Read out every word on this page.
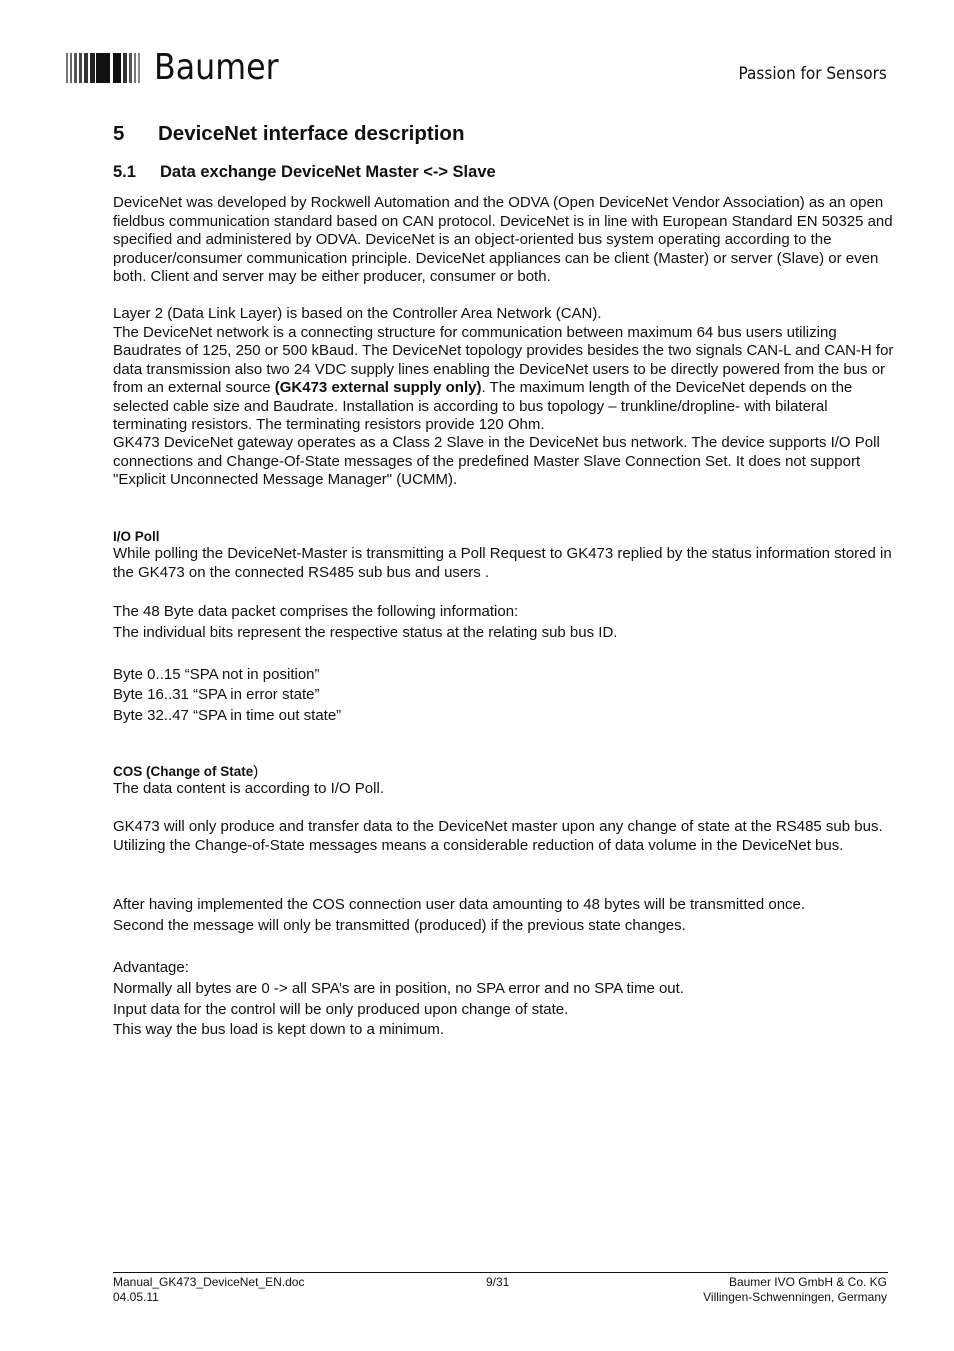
Baumer	Passion for Sensors
5 DeviceNet interface description
5.1 Data exchange DeviceNet Master <-> Slave
DeviceNet was developed by Rockwell Automation and the ODVA (Open DeviceNet Vendor Association) as an open fieldbus communication standard based on CAN protocol. DeviceNet is in line with European Standard EN 50325 and specified and administered by ODVA. DeviceNet is an object-oriented bus system operating according to the producer/consumer communication principle. DeviceNet appliances can be client (Master) or server (Slave) or even both. Client and server may be either producer, consumer or both.
Layer 2 (Data Link Layer) is based on the Controller Area Network (CAN).
The DeviceNet network is a connecting structure for communication between maximum 64 bus users utilizing Baudrates of 125, 250 or 500 kBaud. The DeviceNet topology provides besides the two signals CAN-L and CAN-H for data transmission also two 24 VDC supply lines enabling the DeviceNet users to be directly powered from the bus or from an external source (GK473 external supply only). The maximum length of the DeviceNet depends on the selected cable size and Baudrate. Installation is according to bus topology – trunkline/dropline- with bilateral terminating resistors. The terminating resistors provide 120 Ohm.
GK473 DeviceNet gateway operates as a Class 2 Slave in the DeviceNet bus network. The device supports I/O Poll connections and Change-Of-State messages of the predefined Master Slave Connection Set. It does not support "Explicit Unconnected Message Manager" (UCMM).
I/O Poll
While polling the DeviceNet-Master is transmitting a Poll Request to GK473 replied by the status information stored in the GK473 on the connected RS485 sub bus and users .
The 48 Byte data packet comprises the following information:
The individual bits represent the respective status at the relating sub bus ID.
Byte 0..15 “SPA not in position”
Byte 16..31 “SPA in error state”
Byte 32..47 “SPA in time out state”
COS (Change of State)
The data content is according to I/O Poll.
GK473 will only produce and transfer data to the DeviceNet master upon any change of state at the RS485 sub bus. Utilizing the Change-of-State messages means a considerable reduction of data volume in the DeviceNet bus.
After having implemented the COS connection user data amounting to 48 bytes will be transmitted once.
Second the message will only be transmitted (produced) if the previous state changes.
Advantage:
Normally all bytes are 0 -> all SPA’s are in position, no SPA error and no SPA time out.
Input data for the control will be only produced upon change of state.
This way the bus load is kept down to a minimum.
Manual_GK473_DeviceNet_EN.doc
04.05.11
9/31	Baumer IVO GmbH & Co. KG
Villingen-Schwenningen, Germany
